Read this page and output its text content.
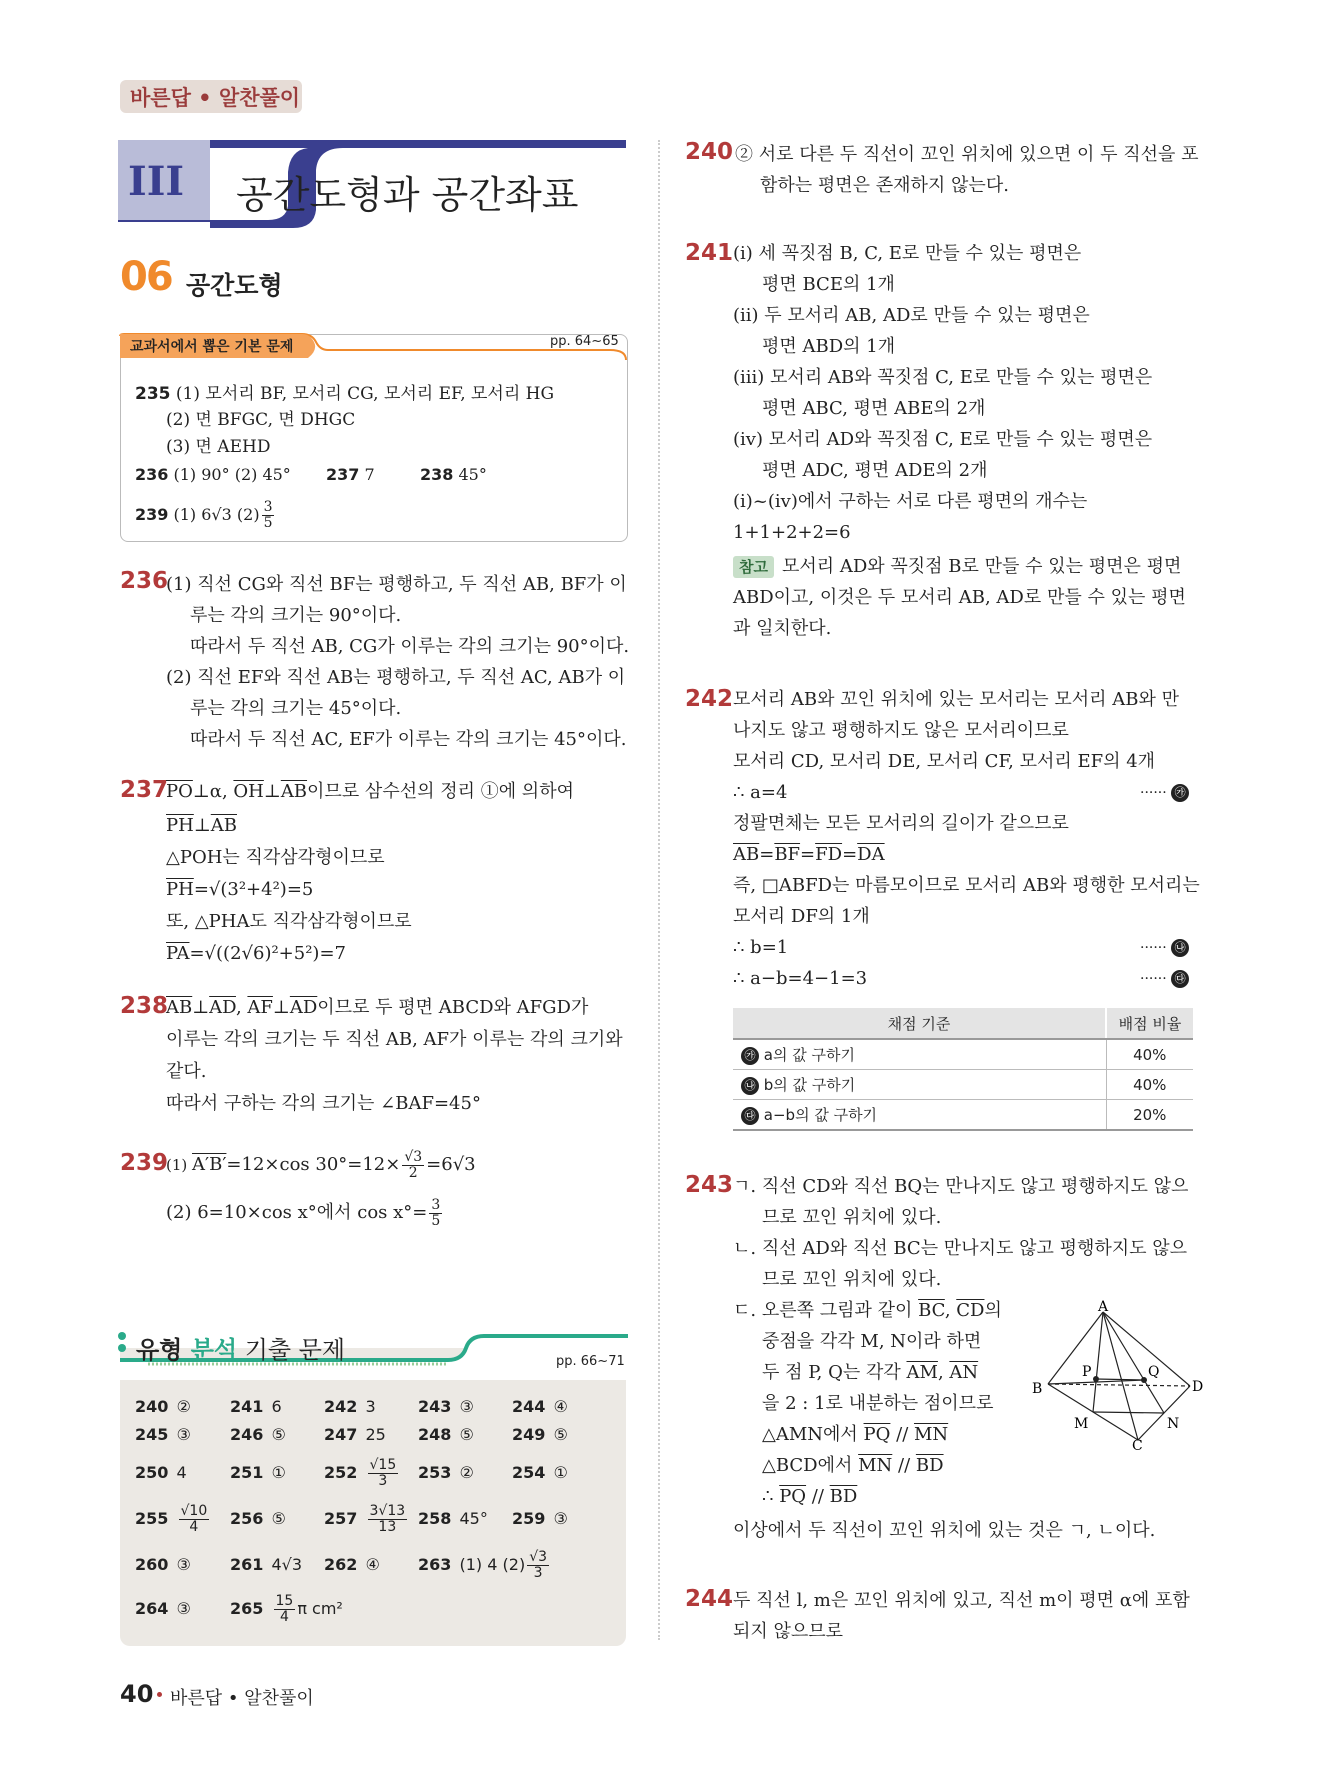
바른답 • 알찬풀이
III 공간도형과 공간좌표
06 공간도형
교과서에서 뽑은 기본 문제	pp. 64~65
235 (1) 모서리 BF, 모서리 CG, 모서리 EF, 모서리 HG
(2) 면 BFGC, 면 DHGC
(3) 면 AEHD
236 (1) 90° (2) 45° 237 7	238 45°
239 (1) 6√3 $(2) \frac{3}{5}$
236
(1) 직선 CG와 직선 BF는 평행하고, 두 직선 AB, BF가 이
루는 각의 크기는 90°이다.
따라서 두 직선 AB, CG가 이루는 각의 크기는 90°이다.
(2) 직선 EF와 직선 AB는 평행하고, 두 직선 AC, AB가 이
루는 각의 크기는 45°이다.
따라서 두 직선 AC, EF가 이루는 각의 크기는 45°이다.
237
$\overline{PO}\perp\alpha$, $\overline{OH}\perp\overline{AB}$이므로 삼수선의 정리 ①에 의하여
$\overline{PH}\perp\overline{AB}$
△POH는 직각삼각형이므로
$\overline{PH}=√(3^2+4^2)=5$
또, △PHA도 직각삼각형이므로
$\overline{PA}=√((2√6)^2+5^2)=7$
238
$\overline{AB}\perp\overline{AD}$, $\overline{AF}\perp\overline{AD}$이므로 두 평면 ABCD와 AFGD가
이루는 각의 크기는 두 직선 AB, AF가 이루는 각의 크기와
같다.
따라서 구하는 각의 크기는 ∠BAF=45°
239
(1) A′B′=12×cos $30^\circ=12\times \frac{√3}{2} =6√3$
(2) 6=10×cos x°에서 $\cos x^\circ= \frac{3}{5}$
유형 분석 기출 문제	pp. 66~71
240 ② 241 6	242 3	243 ③ 244 ④
245 ③ 246 ⑤ 247 25 248 ⑤ 249 ⑤
250 4	251 ① $252 \frac{√15}{3} 253$ ② 254 ①
$255 \frac{√10}{4} 256$ ⑤ $257 \frac{3√13}{13} 258$ 45° 259 ③
260 ③ 261 4√3 262 ④ 263 (1) 4 $(2) \frac{√3}{3}$
264 ③ $265 \frac{15}{4}$ π cm²
240 ② 서로 다른 두 직선이 꼬인 위치에 있으면 이 두 직선을 포
함하는 평면은 존재하지 않는다.
241 (ⅰ) 세 꼭짓점 B, C, E로 만들 수 있는 평면은
평면 BCE의 1개
(ⅱ) 두 모서리 AB, AD로 만들 수 있는 평면은
평면 ABD의 1개
(ⅲ) 모서리 AB와 꼭짓점 C, E로 만들 수 있는 평면은
평면 ABC, 평면 ABE의 2개
(ⅳ) 모서리 AD와 꼭짓점 C, E로 만들 수 있는 평면은
평면 ADC, 평면 ADE의 2개
(ⅰ)~(ⅳ)에서 구하는 서로 다른 평면의 개수는
1+1+2+2=6
참고 모서리 AD와 꼭짓점 B로 만들 수 있는 평면은 평면
ABD이고, 이것은 두 모서리 AB, AD로 만들 수 있는 평면
과 일치한다.
242 모서리 AB와 꼬인 위치에 있는 모서리는 모서리 AB와 만
나지도 않고 평행하지도 않은 모서리이므로
모서리 CD, 모서리 DE, 모서리 CF, 모서리 EF의 4개
∴ a=4	······ ㉮
정팔면체는 모든 모서리의 길이가 같으므로
$\overline{AB}=\overline{BF}=\overline{FD}=\overline{DA}$
즉, □ABFD는 마름모이므로 모서리 AB와 평행한 모서리는
모서리 DF의 1개
∴ b=1	······ ㉯
∴ a−b=4−1=3	······ ㉰
채점 기준	배점 비율
㉮ a의 값 구하기	40%
㉯ b의 값 구하기	40%
㉰ a−b의 값 구하기	20%
243 ㄱ. 직선 CD와 직선 BQ는 만나지도 않고 평행하지도 않으
므로 꼬인 위치에 있다.
ㄴ. 직선 AD와 직선 BC는 만나지도 않고 평행하지도 않으
므로 꼬인 위치에 있다.
ㄷ. 오른쪽 그림과 같이 $\overline{BC}$, $\overline{CD}$의
중점을 각각 M, N이라 하면
두 점 P, Q는 각각 $\overline{AM}$, $\overline{AN}$
을 2 : 1로 내분하는 점이므로
△AMN에서 $\overline{PQ} // \overline{MN}$
△BCD에서 $\overline{MN} // \overline{BD}$
∴ $\overline{PQ} // \overline{BD}$
이상에서 두 직선이 꼬인 위치에 있는 것은 ㄱ, ㄴ이다.
A
B
C
D
M	N
P	Q
244 두 직선 l, m은 꼬인 위치에 있고, 직선 m이 평면 α에 포함
되지 않으므로
40 바른답 • 알찬풀이
